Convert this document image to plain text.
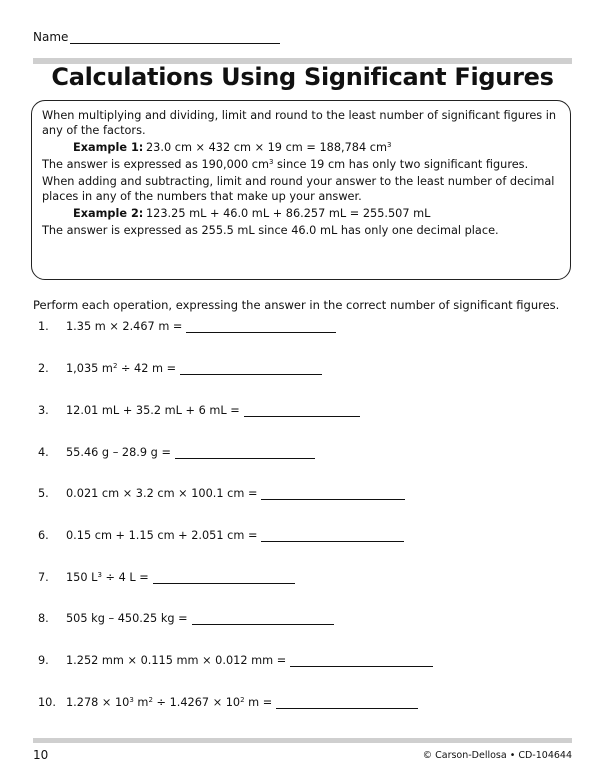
Name
Calculations Using Significant Figures

When multiplying and dividing, limit and round to the least number of significant figures in any of the factors.

Example 1: 23.0 cm × 432 cm × 19 cm = 188,784 $cm^3$

The answer is expressed as 190,000 $cm^3$ since 19 cm has only two significant figures.

When adding and subtracting, limit and round your answer to the least number of decimal places in any of the numbers that make up your answer.

Example 2: 123.25 mL + 46.0 mL + 86.257 mL = 255.507 mL

The answer is expressed as 255.5 mL since 46.0 mL has only one decimal place.

Perform each operation, expressing the answer in the correct number of significant figures.
1.	1.35 m × 2.467 m =
2.	1,035 $m^2 \div 42$ m =
3.	12.01 mL + 35.2 mL + 6 mL =
4.	55.46 g – 28.9 g =
5.	0.021 cm × 3.2 cm × 100.1 cm =
6.	0.15 cm + 1.15 cm + 2.051 cm =
7.	150 $L^3 \div 4$ L =
8.	505 kg – 450.25 kg =
9.	1.252 mm × 0.115 mm × 0.012 mm =
10. $1.278 \times 10^3$ $m^2 \div 1.4267 \times 10^2$ m =
10	© Carson-Dellosa • CD-104644
